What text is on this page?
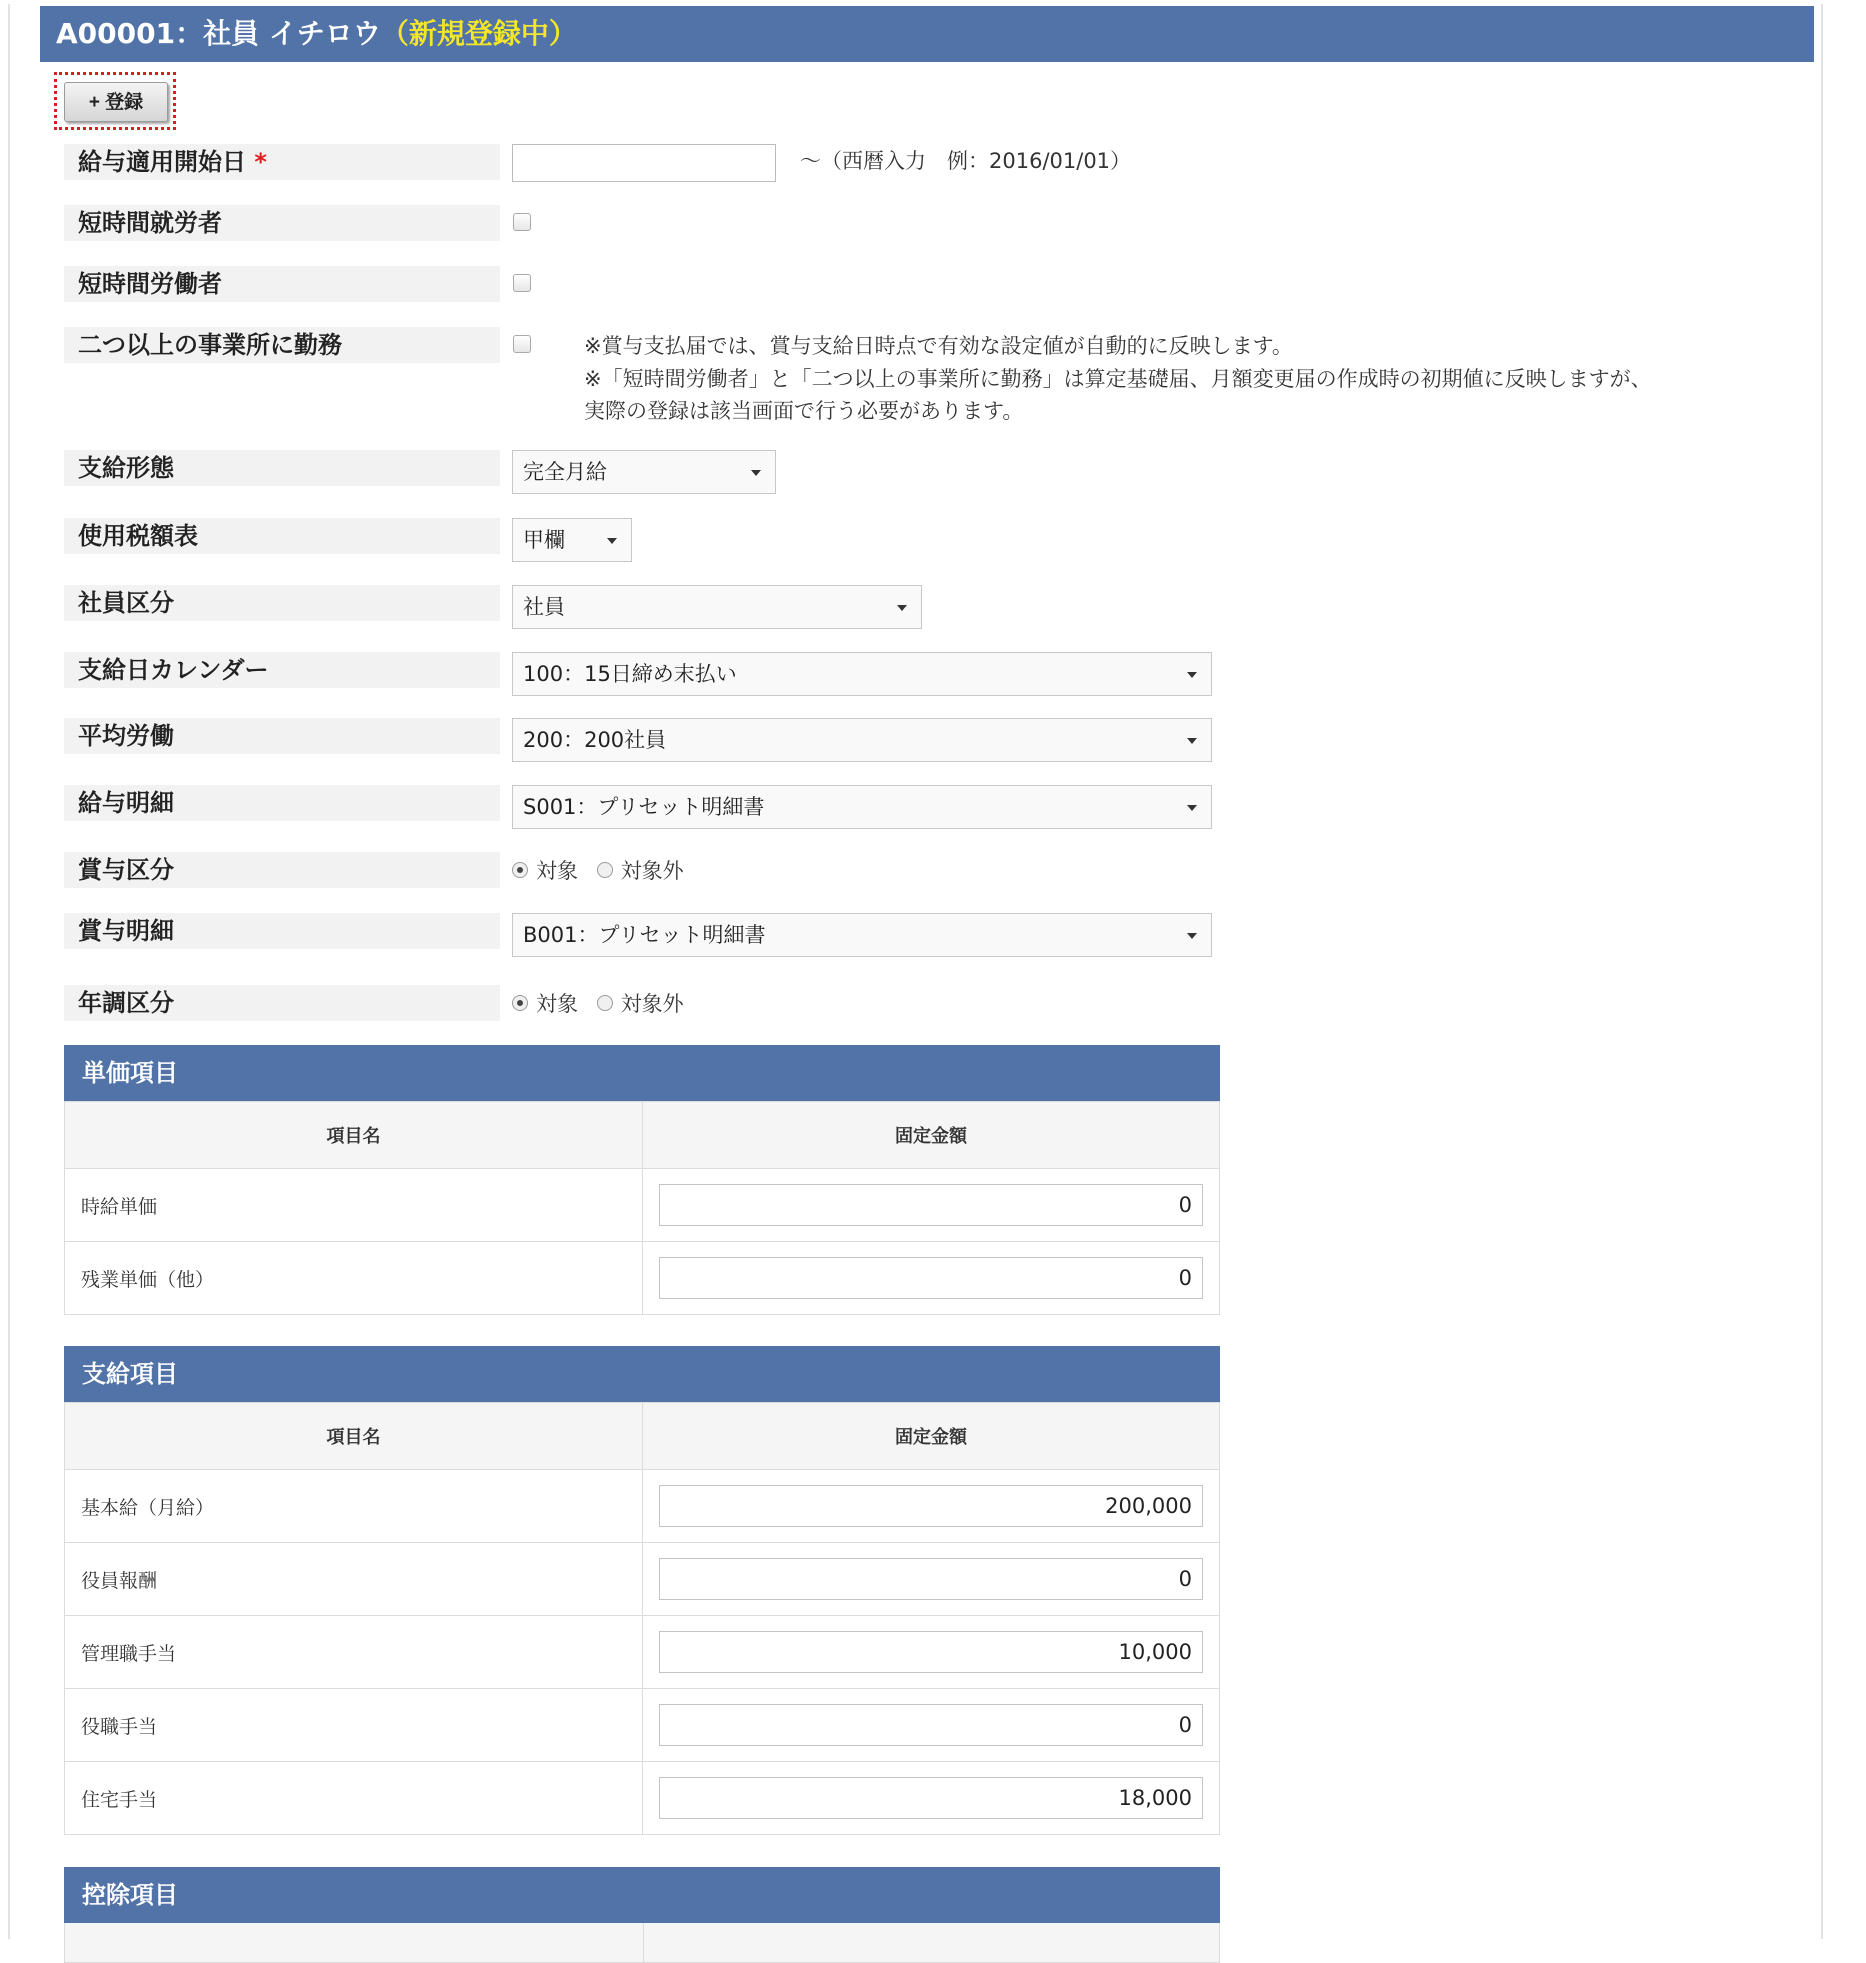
A00001：社員 イチロウ（新規登録中）
+ 登録
給与適用開始日 *	～（西暦入力　例：2016/01/01）
短時間就労者
短時間労働者
二つ以上の事業所に勤務	※賞与支払届では、賞与支給日時点で有効な設定値が自動的に反映します。
※「短時間労働者」と「二つ以上の事業所に勤務」は算定基礎届、月額変更届の作成時の初期値に反映しますが、
実際の登録は該当画面で行う必要があります。
支給形態	完全月給
使用税額表	甲欄
社員区分	社員
支給日カレンダー	100：15日締め末払い
平均労働	200：200社員
給与明細	S001：プリセット明細書
賞与区分	対象 対象外
賞与明細	B001：プリセット明細書
年調区分	対象 対象外
単価項目
項目名	固定金額
時給単価	0

残業単価（他）	0
支給項目
項目名	固定金額
基本給（月給）	200,000

役員報酬	0

管理職手当	10,000

役職手当	0

住宅手当	18,000
控除項目
